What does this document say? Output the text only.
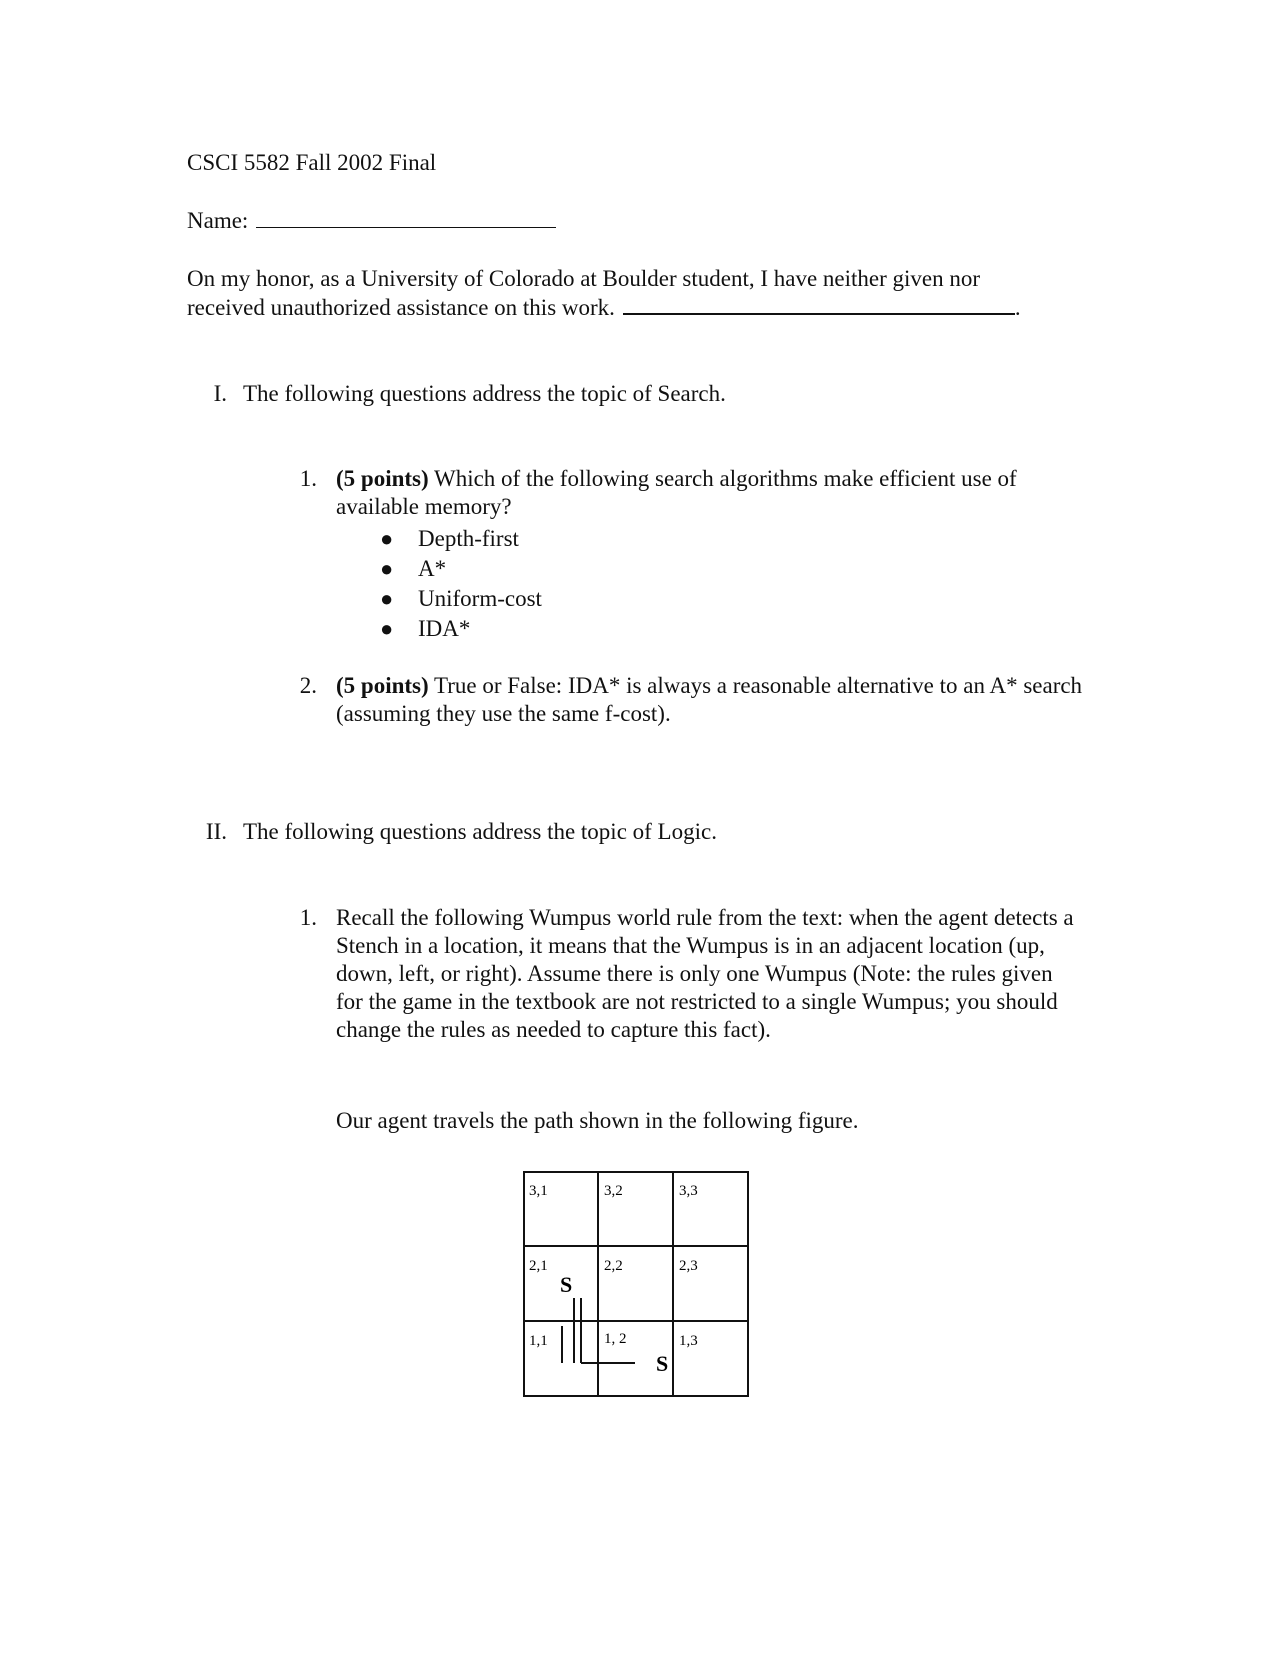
CSCI 5582 Fall 2002 Final
Name:
On my honor, as a University of Colorado at Boulder student, I have neither given nor
received unauthorized assistance on this work.	.
I. The following questions address the topic of Search.
1. (5 points) Which of the following search algorithms make efficient use of available memory?
● Depth-first
● A*
● Uniform-cost
● IDA*
2. (5 points) True or False: IDA* is always a reasonable alternative to an A* search (assuming they use the same f-cost).
II. The following questions address the topic of Logic.
1. Recall the following Wumpus world rule from the text: when the agent detects a Stench in a location, it means that the Wumpus is in an adjacent location (up, down, left, or right). Assume there is only one Wumpus (Note: the rules given for the game in the textbook are not restricted to a single Wumpus; you should change the rules as needed to capture this fact).
Our agent travels the path shown in the following figure.
3,1	3,2	3,3
2,1	2,2	2,3
1,1	1, 2	1,3
S
S
